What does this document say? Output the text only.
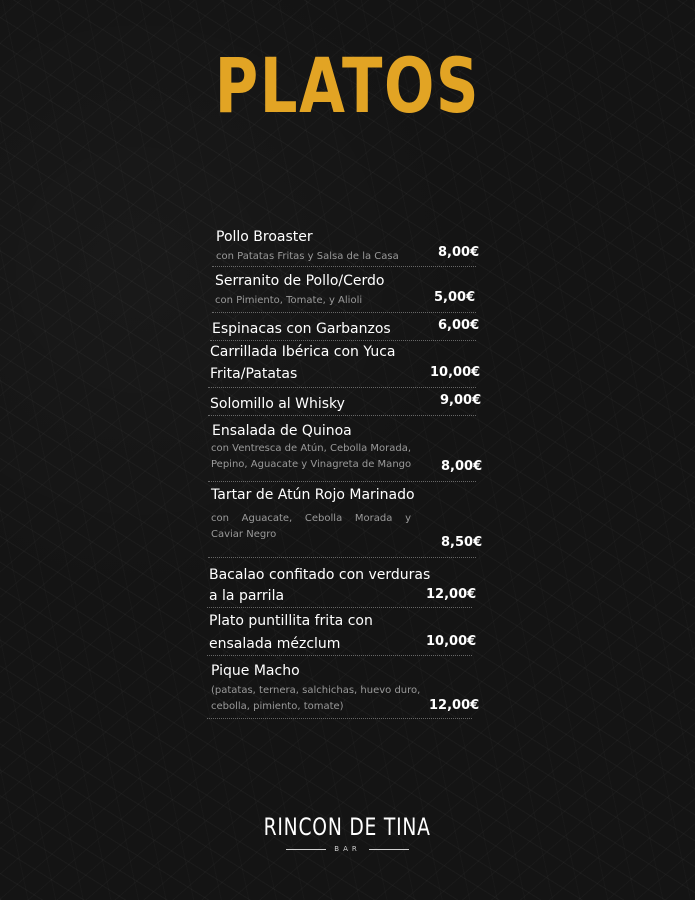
PLATOS
Pollo Broaster
con Patatas Fritas y Salsa de la Casa	8,00€
Serranito de Pollo/Cerdo
con Pimiento, Tomate, y Alioli	5,00€
Espinacas con Garbanzos	6,00€
Carrillada Ibérica con Yuca
Frita/Patatas	10,00€
Solomillo al Whisky	9,00€
Ensalada de Quinoa
con Ventresca de Atún, Cebolla Morada,
Pepino, Aguacate y Vinagreta de Mango 8,00€
Tartar de Atún Rojo Marinado
con Aguacate, Cebolla Morada y
Caviar Negro
8,50€
Bacalao confitado con verduras
a la parrila	12,00€
Plato puntillita frita con
ensalada mézclum	10,00€
Pique Macho
(patatas, ternera, salchichas, huevo duro,
cebolla, pimiento, tomate)	12,00€
RINCON DE TINA
BAR
